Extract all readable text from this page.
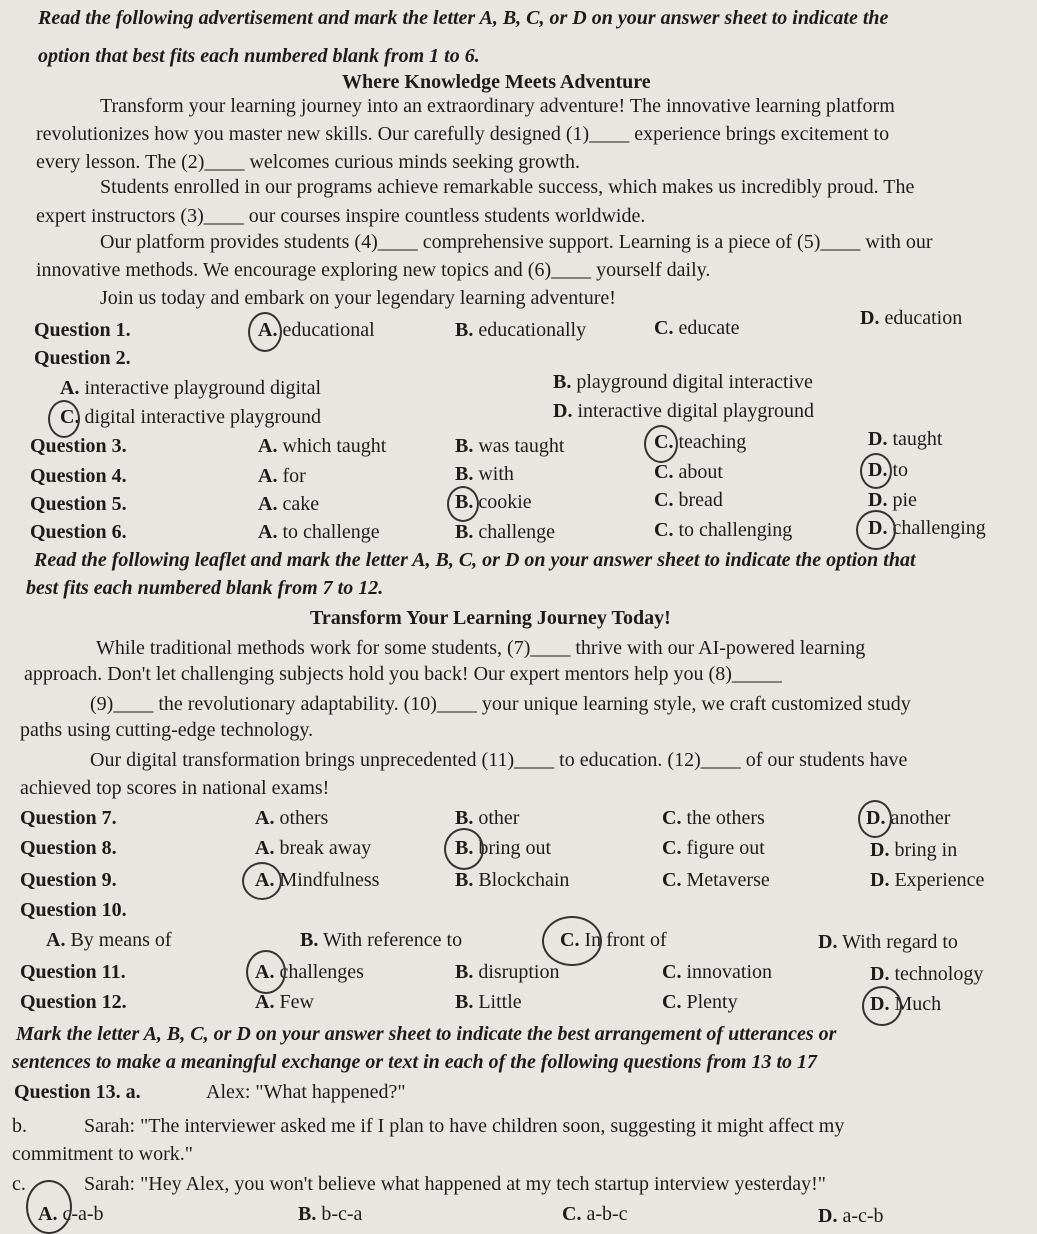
Read the following advertisement and mark the letter A, B, C, or D on your answer sheet to indicate the
option that best fits each numbered blank from 1 to 6.
Where Knowledge Meets Adventure
Transform your learning journey into an extraordinary adventure! The innovative learning platform
revolutionizes how you master new skills. Our carefully designed (1)____ experience brings excitement to
every lesson. The (2)____ welcomes curious minds seeking growth.
Students enrolled in our programs achieve remarkable success, which makes us incredibly proud. The
expert instructors (3)____ our courses inspire countless students worldwide.
Our platform provides students (4)____ comprehensive support. Learning is a piece of (5)____ with our
innovative methods. We encourage exploring new topics and (6)____ yourself daily.
Join us today and embark on your legendary learning adventure!
Question 1.	A. educational	B. educationally	C. educate	D. education
Question 2.
A. interactive playground digital	B. playground digital interactive
C. digital interactive playground	D. interactive digital playground
Question 3.	A. which taught	B. was taught	C. teaching	D. taught
Question 4.	A. for	B. with	C. about	D. to
Question 5.	A. cake	B. cookie	C. bread	D. pie
Question 6.	A. to challenge	B. challenge	C. to challenging	D. challenging
Read the following leaflet and mark the letter A, B, C, or D on your answer sheet to indicate the option that
best fits each numbered blank from 7 to 12.
Transform Your Learning Journey Today!
While traditional methods work for some students, (7)____ thrive with our AI-powered learning
approach. Don't let challenging subjects hold you back! Our expert mentors help you (8)_____
(9)____ the revolutionary adaptability. (10)____ your unique learning style, we craft customized study
paths using cutting-edge technology.
Our digital transformation brings unprecedented (11)____ to education. (12)____ of our students have
achieved top scores in national exams!
Question 7.	A. others	B. other	C. the others	D. another
Question 8.	A. break away	B. bring out	C. figure out	D. bring in
Question 9.	A. Mindfulness	B. Blockchain	C. Metaverse	D. Experience
Question 10.
A. By means of	B. With reference to	C. In front of	D. With regard to
Question 11.	A. challenges	B. disruption	C. innovation	D. technology
Question 12.	A. Few	B. Little	C. Plenty	D. Much
Mark the letter A, B, C, or D on your answer sheet to indicate the best arrangement of utterances or
sentences to make a meaningful exchange or text in each of the following questions from 13 to 17
Question 13. a.	Alex: "What happened?"
b.	Sarah: "The interviewer asked me if I plan to have children soon, suggesting it might affect my
commitment to work."
c.	Sarah: "Hey Alex, you won't believe what happened at my tech startup interview yesterday!"
A. c-a-b	B. b-c-a	C. a-b-c	D. a-c-b
